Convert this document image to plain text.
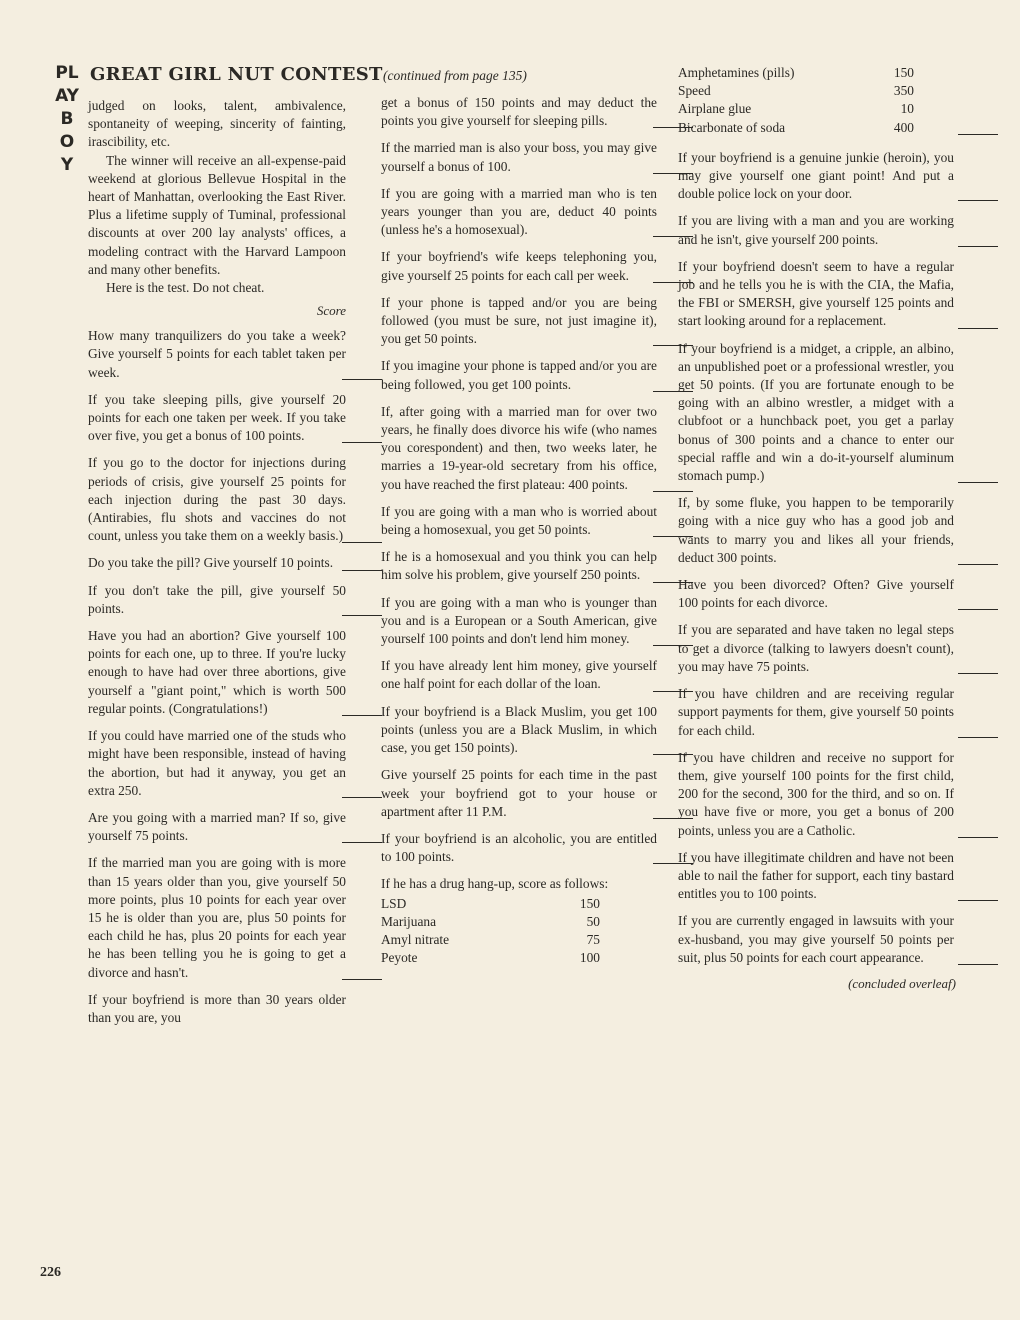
PLAYBOY
226
GREAT GIRL NUT CONTEST

judged on looks, talent, ambivalence, spontaneity of weeping, sincerity of fainting, irascibility, etc.

The winner will receive an all-expense-paid weekend at glorious Bellevue Hospital in the heart of Manhattan, overlooking the East River. Plus a lifetime supply of Tuminal, professional discounts at over 200 lay analysts' offices, a modeling contract with the Harvard Lampoon and many other benefits.

Here is the test. Do not cheat.

Score

How many tranquilizers do you take a week? Give yourself 5 points for each tablet taken per week.

If you take sleeping pills, give yourself 20 points for each one taken per week. If you take over five, you get a bonus of 100 points.

If you go to the doctor for injections during periods of crisis, give yourself 25 points for each injection during the past 30 days. (Antirabies, flu shots and vaccines do not count, unless you take them on a weekly basis.)

Do you take the pill? Give yourself 10 points.

If you don't take the pill, give yourself 50 points.

Have you had an abortion? Give yourself 100 points for each one, up to three. If you're lucky enough to have had over three abortions, give yourself a "giant point," which is worth 500 regular points. (Congratulations!)

If you could have married one of the studs who might have been responsible, instead of having the abortion, but had it anyway, you get an extra 250.

Are you going with a married man? If so, give yourself 75 points.

If the married man you are going with is more than 15 years older than you, give yourself 50 more points, plus 10 points for each year over 15 he is older than you are, plus 50 points for each child he has, plus 20 points for each year he has been telling you he is going to get a divorce and hasn't.

If your boyfriend is more than 30 years older than you are, you

(continued from page 135)

get a bonus of 150 points and may deduct the points you give yourself for sleeping pills.

If the married man is also your boss, you may give yourself a bonus of 100.

If you are going with a married man who is ten years younger than you are, deduct 40 points (unless he's a homosexual).

If your boyfriend's wife keeps telephoning you, give yourself 25 points for each call per week.

If your phone is tapped and/or you are being followed (you must be sure, not just imagine it), you get 50 points.

If you imagine your phone is tapped and/or you are being followed, you get 100 points.

If, after going with a married man for over two years, he finally does divorce his wife (who names you corespondent) and then, two weeks later, he marries a 19-year-old secretary from his office, you have reached the first plateau: 400 points.

If you are going with a man who is worried about being a homosexual, you get 50 points.

If he is a homosexual and you think you can help him solve his problem, give yourself 250 points.

If you are going with a man who is younger than you and is a European or a South American, give yourself 100 points and don't lend him money.

If you have already lent him money, give yourself one half point for each dollar of the loan.

If your boyfriend is a Black Muslim, you get 100 points (unless you are a Black Muslim, in which case, you get 150 points).

Give yourself 25 points for each time in the past week your boyfriend got to your house or apartment after 11 P.M.

If your boyfriend is an alcoholic, you are entitled to 100 points.

If he has a drug hang-up, score as follows:

LSD	150
Marijuana	50
Amyl nitrate	75
Peyote	100
Amphetamines (pills)	150
Speed	350
Airplane glue	10
Bicarbonate of soda	400

If your boyfriend is a genuine junkie (heroin), you may give yourself one giant point! And put a double police lock on your door.

If you are living with a man and you are working and he isn't, give yourself 200 points.

If your boyfriend doesn't seem to have a regular job and he tells you he is with the CIA, the Mafia, the FBI or SMERSH, give yourself 125 points and start looking around for a replacement.

If your boyfriend is a midget, a cripple, an albino, an unpublished poet or a professional wrestler, you get 50 points. (If you are fortunate enough to be going with an albino wrestler, a midget with a clubfoot or a hunchback poet, you get a parlay bonus of 300 points and a chance to enter our special raffle and win a do-it-yourself aluminum stomach pump.)

If, by some fluke, you happen to be temporarily going with a nice guy who has a good job and wants to marry you and likes all your friends, deduct 300 points.

Have you been divorced? Often? Give yourself 100 points for each divorce.

If you are separated and have taken no legal steps to get a divorce (talking to lawyers doesn't count), you may have 75 points.

If you have children and are receiving regular support payments for them, give yourself 50 points for each child.

If you have children and receive no support for them, give yourself 100 points for the first child, 200 for the second, 300 for the third, and so on. If you have five or more, you get a bonus of 200 points, unless you are a Catholic.

If you have illegitimate children and have not been able to nail the father for support, each tiny bastard entitles you to 100 points.

If you are currently engaged in lawsuits with your ex-husband, you may give yourself 50 points per suit, plus 50 points for each court appearance.

(concluded overleaf)
